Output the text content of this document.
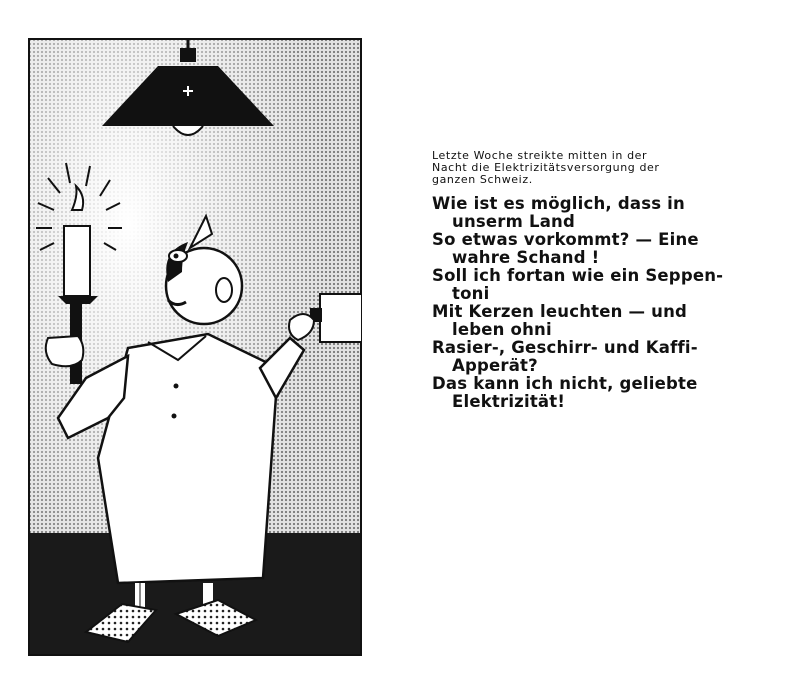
Letzte Woche streikte mitten in der
Nacht die Elektrizitätsversorgung der
ganzen Schweiz.
Wie ist es möglich, dass in
unserm Land
So etwas vorkommt? — Eine
wahre Schand !
Soll ich fortan wie ein Seppen-
toni
Mit Kerzen leuchten — und
leben ohni
Rasier-, Geschirr- und Kaffi-
Apperät?
Das kann ich nicht, geliebte
Elektrizität!
